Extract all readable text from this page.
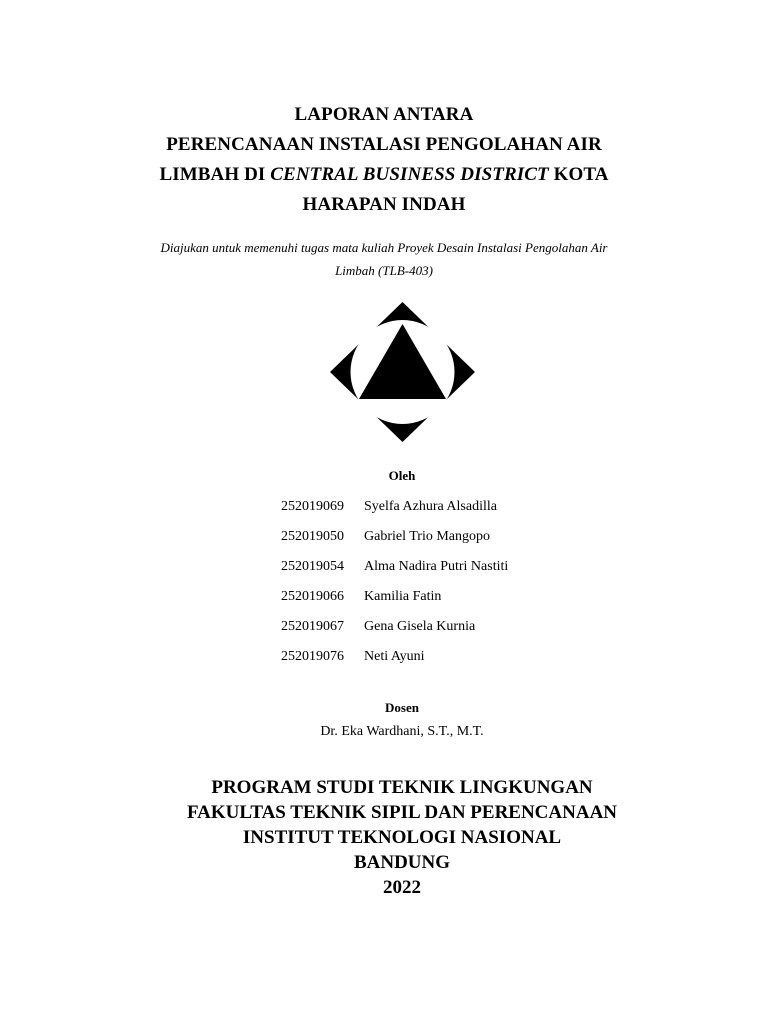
LAPORAN ANTARA
PERENCANAAN INSTALASI PENGOLAHAN AIR
LIMBAH DI CENTRAL BUSINESS DISTRICT KOTA
HARAPAN INDAH
Diajukan untuk memenuhi tugas mata kuliah Proyek Desain Instalasi Pengolahan Air
Limbah (TLB-403)
Oleh
252019069	Syelfa Azhura Alsadilla
252019050	Gabriel Trio Mangopo
252019054	Alma Nadira Putri Nastiti
252019066	Kamilia Fatin
252019067	Gena Gisela Kurnia
252019076	Neti Ayuni
Dosen
Dr. Eka Wardhani, S.T., M.T.
PROGRAM STUDI TEKNIK LINGKUNGAN
FAKULTAS TEKNIK SIPIL DAN PERENCANAAN
INSTITUT TEKNOLOGI NASIONAL
BANDUNG
2022
